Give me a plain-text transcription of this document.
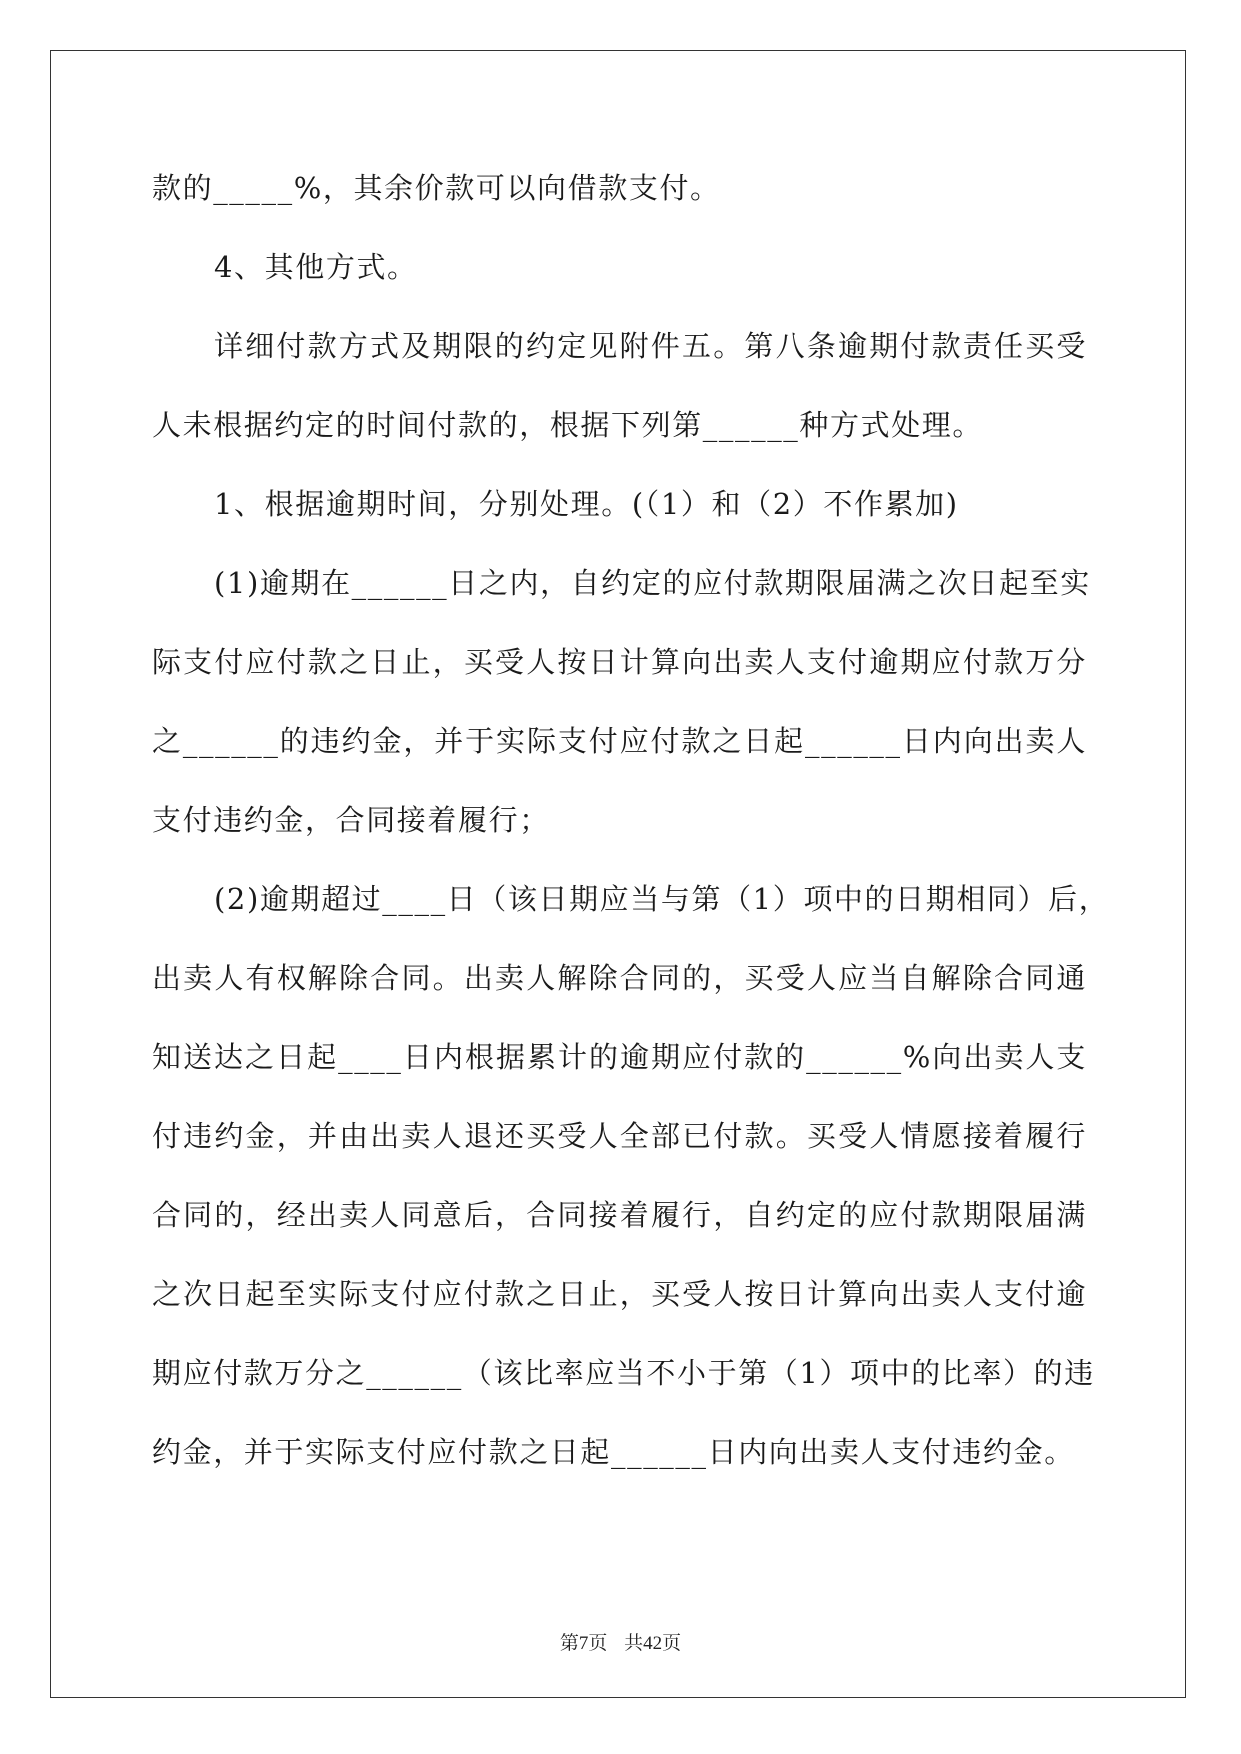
款的_____%，其余价款可以向借款支付。
4、其他方式。
详细付款方式及期限的约定见附件五。第八条逾期付款责任买受
人未根据约定的时间付款的，根据下列第______种方式处理。
1、根据逾期时间，分别处理。(（1）和（2）不作累加)
(1)逾期在______日之内，自约定的应付款期限届满之次日起至实
际支付应付款之日止，买受人按日计算向出卖人支付逾期应付款万分
之______的违约金，并于实际支付应付款之日起______日内向出卖人
支付违约金，合同接着履行；
(2)逾期超过____日（该日期应当与第（1）项中的日期相同）后，
出卖人有权解除合同。出卖人解除合同的，买受人应当自解除合同通
知送达之日起____日内根据累计的逾期应付款的______%向出卖人支
付违约金，并由出卖人退还买受人全部已付款。买受人情愿接着履行
合同的，经出卖人同意后，合同接着履行，自约定的应付款期限届满
之次日起至实际支付应付款之日止，买受人按日计算向出卖人支付逾
期应付款万分之______（该比率应当不小于第（1）项中的比率）的违
约金，并于实际支付应付款之日起______日内向出卖人支付违约金。
第7页 共42页
